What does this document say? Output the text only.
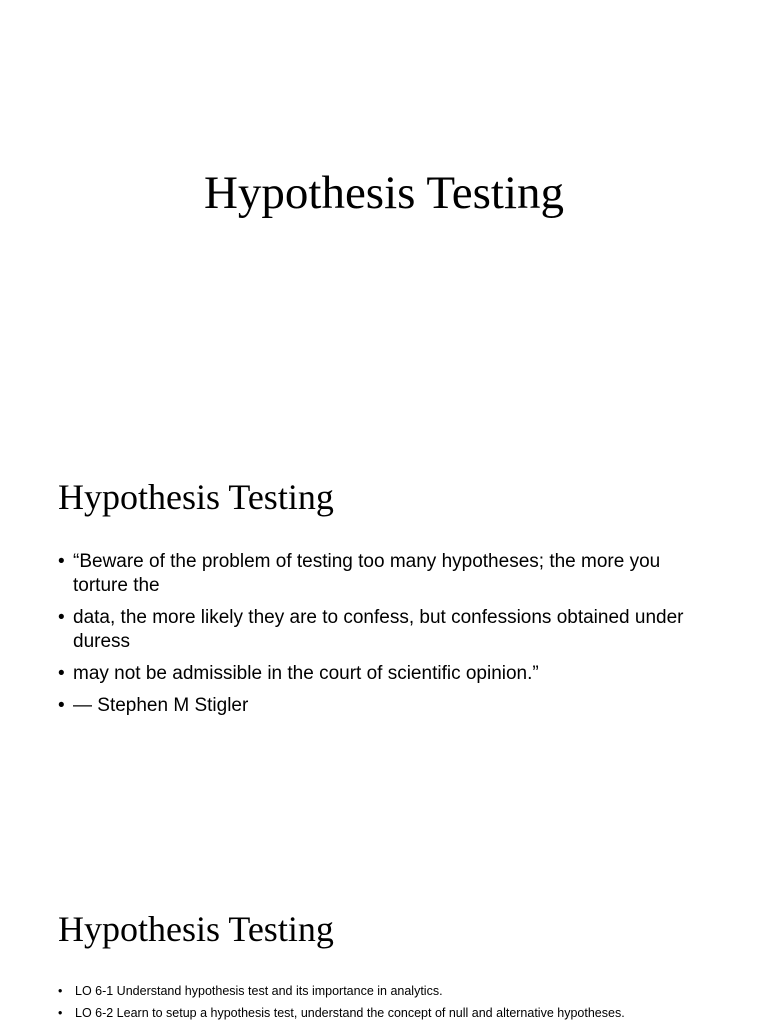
Hypothesis Testing
Hypothesis Testing
• “Beware of the problem of testing too many hypotheses; the more you torture the
• data, the more likely they are to confess, but confessions obtained under duress
• may not be admissible in the court of scientific opinion.”
• — Stephen M Stigler
Hypothesis Testing
• LO 6-1 Understand hypothesis test and its importance in analytics.
• LO 6-2 Learn to setup a hypothesis test, understand the concept of null and alternative hypotheses.
